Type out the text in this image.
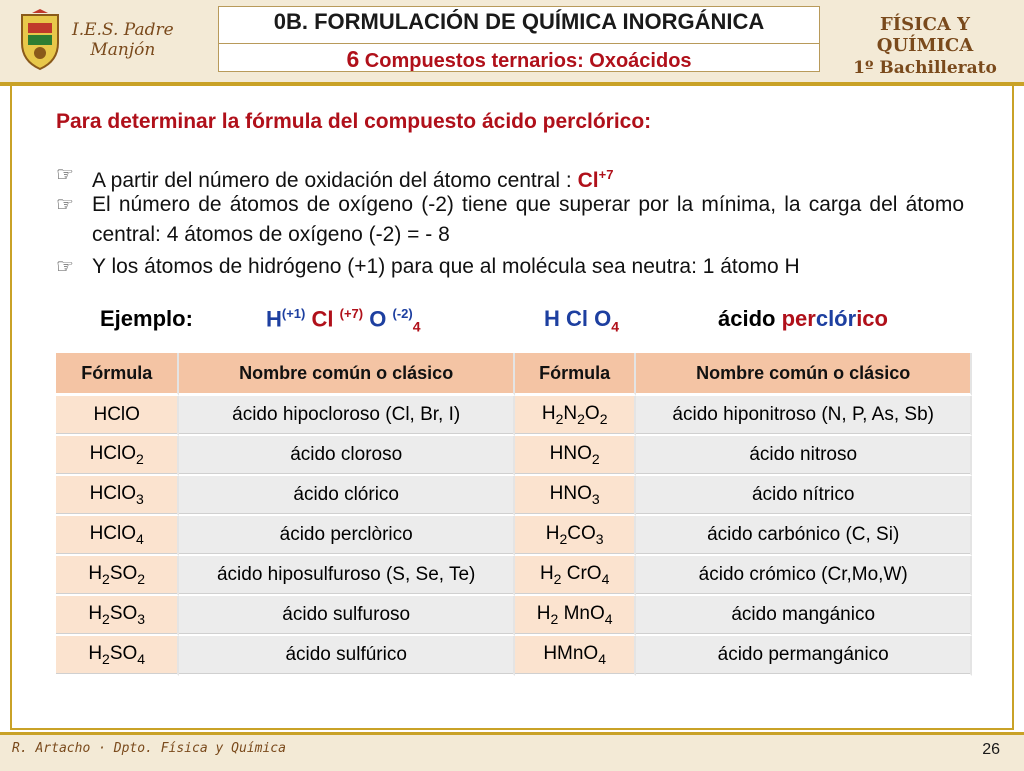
I.E.S. Padre
Manjón
0B. FORMULACIÓN DE QUÍMICA INORGÁNICA
6 Compuestos ternarios: Oxoácidos
FÍSICA Y QUÍMICA
1º Bachillerato
Para determinar la fórmula del compuesto ácido perclórico:
☞ A partir del número de oxidación del átomo central : $Cl^{+7}$
☞ El número de átomos de oxígeno (-2) tiene que superar por la mínima, la carga del átomo central: 4 átomos de oxígeno (-2) = - 8
☞ Y los átomos de hidrógeno (+1) para que al molécula sea neutra: 1 átomo H
Ejemplo:	$H^{(+1)}$ Cl $^{(+7)}$ O $^{(-2)}_4$	H Cl $O_4$	ácido perclórico
Fórmula	Nombre común o clásico	Fórmula	Nombre común o clásico
HClO	ácido hipocloroso (Cl, Br, I)	$H_2N_2O_2$	ácido hiponitroso (N, P, As, Sb)
HClO$_2$	ácido cloroso	$HNO_2$	ácido nitroso
HClO$_3$	ácido clórico	$HNO_3$	ácido nítrico
HClO$_4$	ácido perclòrico	$H_2CO_3$	ácido carbónico (C, Si)
$H_2SO_2$	ácido hiposulfuroso (S, Se, Te)	$H_2$ CrO$_4$	ácido crómico (Cr,Mo,W)
$H_2SO_3$	ácido sulfuroso	$H_2$ MnO$_4$	ácido mangánico
$H_2SO_4$	ácido sulfúrico	HMnO$_4$	ácido permangánico
R. Artacho · Dpto. Física y Química	26
